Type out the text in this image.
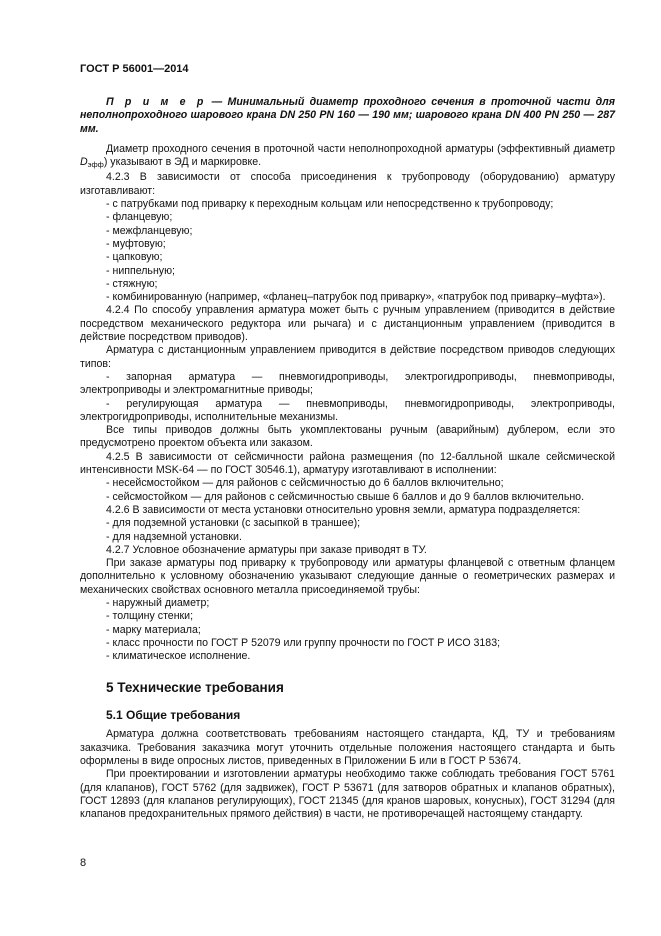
ГОСТ Р 56001—2014

П р и м е р — Минимальный диаметр проходного сечения в проточной части для неполнопроходного шарового крана DN 250 PN 160 — 190 мм; шарового крана DN 400 PN 250 — 287 мм.

Диаметр проходного сечения в проточной части неполнопроходной арматуры (эффективный диаметр $D_{эфф}$) указывают в ЭД и маркировке.

4.2.3 В зависимости от способа присоединения к трубопроводу (оборудованию) арматуру изготавливают:

- с патрубками под приварку к переходным кольцам или непосредственно к трубопроводу;

- фланцевую;

- межфланцевую;

- муфтовую;

- цапковую;

- ниппельную;

- стяжную;

- комбинированную (например, «фланец–патрубок под приварку», «патрубок под приварку–муфта»).

4.2.4 По способу управления арматура может быть с ручным управлением (приводится в действие посредством механического редуктора или рычага) и с дистанционным управлением (приводится в действие посредством приводов).

Арматура с дистанционным управлением приводится в действие посредством приводов следующих типов:

- запорная арматура — пневмогидроприводы, электрогидроприводы, пневмоприводы, электроприводы и электромагнитные приводы;

- регулирующая арматура — пневмоприводы, пневмогидроприводы, электроприводы, электрогидроприводы, исполнительные механизмы.

Все типы приводов должны быть укомплектованы ручным (аварийным) дублером, если это предусмотрено проектом объекта или заказом.

4.2.5 В зависимости от сейсмичности района размещения (по 12-балльной шкале сейсмической интенсивности MSK-64 — по ГОСТ 30546.1), арматуру изготавливают в исполнении:

- несейсмостойком — для районов с сейсмичностью до 6 баллов включительно;

- сейсмостойком — для районов с сейсмичностью свыше 6 баллов и до 9 баллов включительно.

4.2.6 В зависимости от места установки относительно уровня земли, арматура подразделяется:

- для подземной установки (с засыпкой в траншее);

- для надземной установки.

4.2.7 Условное обозначение арматуры при заказе приводят в ТУ.

При заказе арматуры под приварку к трубопроводу или арматуры фланцевой с ответным фланцем дополнительно к условному обозначению указывают следующие данные о геометрических размерах и механических свойствах основного металла присоединяемой трубы:

- наружный диаметр;

- толщину стенки;

- марку материала;

- класс прочности по ГОСТ Р 52079 или группу прочности по ГОСТ Р ИСО 3183;

- климатическое исполнение.

5 Технические требования
5.1 Общие требования

Арматура должна соответствовать требованиям настоящего стандарта, КД, ТУ и требованиям заказчика. Требования заказчика могут уточнить отдельные положения настоящего стандарта и быть оформлены в виде опросных листов, приведенных в Приложении Б или в ГОСТ Р 53674.

При проектировании и изготовлении арматуры необходимо также соблюдать требования ГОСТ 5761 (для клапанов), ГОСТ 5762 (для задвижек), ГОСТ Р 53671 (для затворов обратных и клапанов обратных), ГОСТ 12893 (для клапанов регулирующих), ГОСТ 21345 (для кранов шаровых, конусных), ГОСТ 31294 (для клапанов предохранительных прямого действия) в части, не противоречащей настоящему стандарту.

8
